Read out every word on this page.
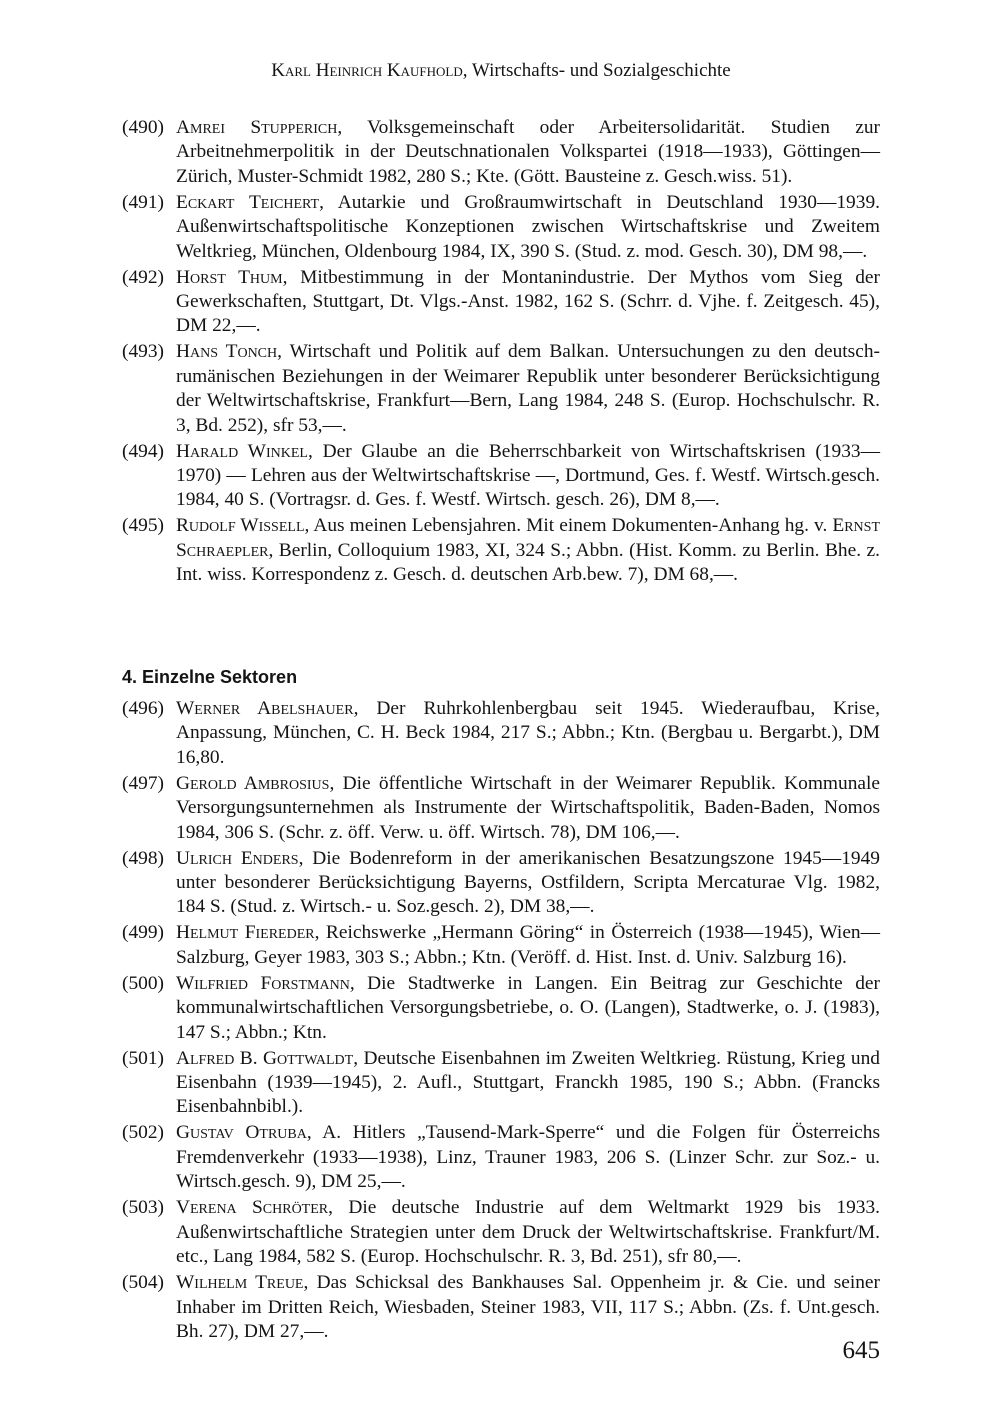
Karl Heinrich Kaufhold, Wirtschafts- und Sozialgeschichte
(490) Amrei Stupperich, Volksgemeinschaft oder Arbeitersolidarität. Studien zur Arbeitnehmerpolitik in der Deutschnationalen Volkspartei (1918—1933), Göttingen—Zürich, Muster-Schmidt 1982, 280 S.; Kte. (Gött. Bausteine z. Gesch.wiss. 51).
(491) Eckart Teichert, Autarkie und Großraumwirtschaft in Deutschland 1930—1939. Außenwirtschaftspolitische Konzeptionen zwischen Wirtschaftskrise und Zweitem Weltkrieg, München, Oldenbourg 1984, IX, 390 S. (Stud. z. mod. Gesch. 30), DM 98,—.
(492) Horst Thum, Mitbestimmung in der Montanindustrie. Der Mythos vom Sieg der Gewerkschaften, Stuttgart, Dt. Vlgs.-Anst. 1982, 162 S. (Schrr. d. Vjhe. f. Zeitgesch. 45), DM 22,—.
(493) Hans Tonch, Wirtschaft und Politik auf dem Balkan. Untersuchungen zu den deutsch-rumänischen Beziehungen in der Weimarer Republik unter besonderer Berücksichtigung der Weltwirtschaftskrise, Frankfurt—Bern, Lang 1984, 248 S. (Europ. Hochschulschr. R. 3, Bd. 252), sfr 53,—.
(494) Harald Winkel, Der Glaube an die Beherrschbarkeit von Wirtschaftskrisen (1933—1970) — Lehren aus der Weltwirtschaftskrise —, Dortmund, Ges. f. Westf. Wirtsch.gesch. 1984, 40 S. (Vortragsr. d. Ges. f. Westf. Wirtsch. gesch. 26), DM 8,—.
(495) Rudolf Wissell, Aus meinen Lebensjahren. Mit einem Dokumenten-Anhang hg. v. Ernst Schraepler, Berlin, Colloquium 1983, XI, 324 S.; Abbn. (Hist. Komm. zu Berlin. Bhe. z. Int. wiss. Korrespondenz z. Gesch. d. deutschen Arb.bew. 7), DM 68,—.
4. Einzelne Sektoren
(496) Werner Abelshauer, Der Ruhrkohlenbergbau seit 1945. Wiederaufbau, Krise, Anpassung, München, C. H. Beck 1984, 217 S.; Abbn.; Ktn. (Bergbau u. Bergarbt.), DM 16,80.
(497) Gerold Ambrosius, Die öffentliche Wirtschaft in der Weimarer Republik. Kommunale Versorgungsunternehmen als Instrumente der Wirtschaftspolitik, Baden-Baden, Nomos 1984, 306 S. (Schr. z. öff. Verw. u. öff. Wirtsch. 78), DM 106,—.
(498) Ulrich Enders, Die Bodenreform in der amerikanischen Besatzungszone 1945—1949 unter besonderer Berücksichtigung Bayerns, Ostfildern, Scripta Mercaturae Vlg. 1982, 184 S. (Stud. z. Wirtsch.- u. Soz.gesch. 2), DM 38,—.
(499) Helmut Fiereder, Reichswerke „Hermann Göring“ in Österreich (1938—1945), Wien—Salzburg, Geyer 1983, 303 S.; Abbn.; Ktn. (Veröff. d. Hist. Inst. d. Univ. Salzburg 16).
(500) Wilfried Forstmann, Die Stadtwerke in Langen. Ein Beitrag zur Geschichte der kommunalwirtschaftlichen Versorgungsbetriebe, o. O. (Langen), Stadtwerke, o. J. (1983), 147 S.; Abbn.; Ktn.
(501) Alfred B. Gottwaldt, Deutsche Eisenbahnen im Zweiten Weltkrieg. Rüstung, Krieg und Eisenbahn (1939—1945), 2. Aufl., Stuttgart, Franckh 1985, 190 S.; Abbn. (Francks Eisenbahnbibl.).
(502) Gustav Otruba, A. Hitlers „Tausend-Mark-Sperre“ und die Folgen für Österreichs Fremdenverkehr (1933—1938), Linz, Trauner 1983, 206 S. (Linzer Schr. zur Soz.- u. Wirtsch.gesch. 9), DM 25,—.
(503) Verena Schröter, Die deutsche Industrie auf dem Weltmarkt 1929 bis 1933. Außenwirtschaftliche Strategien unter dem Druck der Weltwirtschaftskrise. Frankfurt/M. etc., Lang 1984, 582 S. (Europ. Hochschulschr. R. 3, Bd. 251), sfr 80,—.
(504) Wilhelm Treue, Das Schicksal des Bankhauses Sal. Oppenheim jr. & Cie. und seiner Inhaber im Dritten Reich, Wiesbaden, Steiner 1983, VII, 117 S.; Abbn. (Zs. f. Unt.gesch. Bh. 27), DM 27,—.
645
